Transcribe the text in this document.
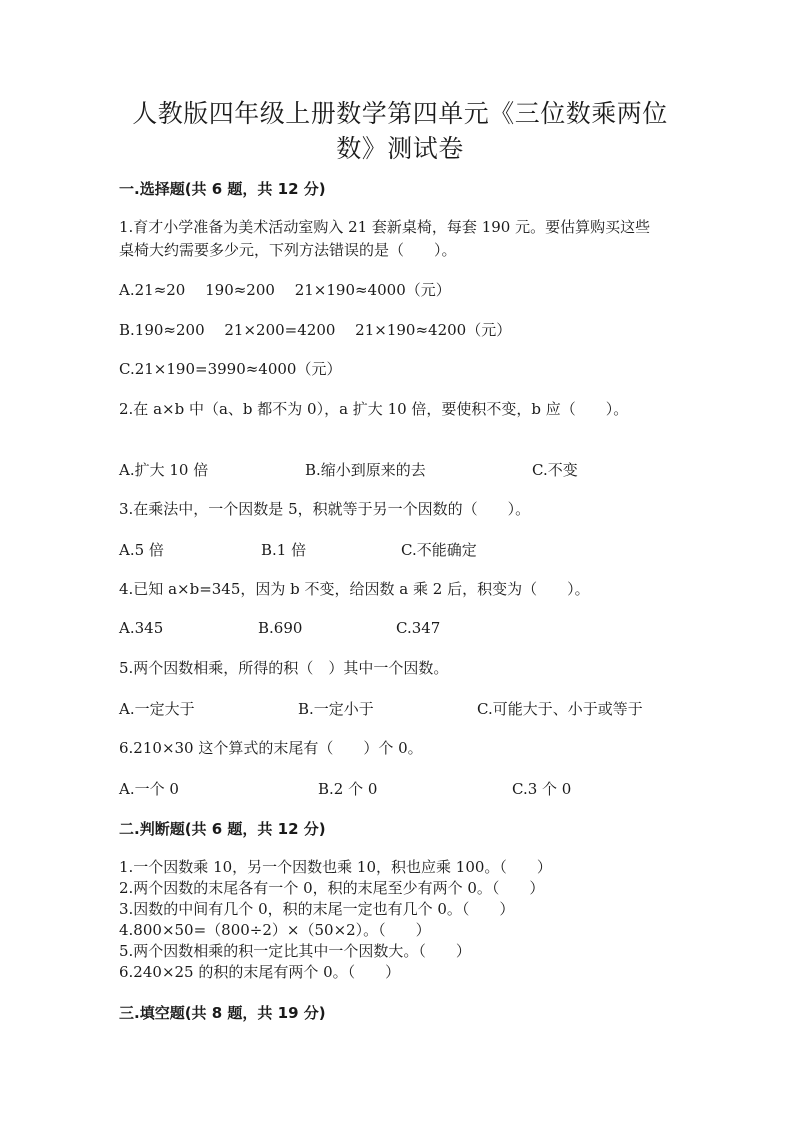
人教版四年级上册数学第四单元《三位数乘两位
数》测试卷
一.选择题(共 6 题，共 12 分)
1.育才小学准备为美术活动室购入 21 套新桌椅，每套 190 元。要估算购买这些
桌椅大约需要多少元，下列方法错误的是（　　）。
A.21≈20　 190≈200　 21×190≈4000（元）
B.190≈200　 21×200=4200　 21×190≈4200（元）
C.21×190=3990≈4000（元）
2.在 a×b 中（a、b 都不为 0），a 扩大 10 倍，要使积不变，b 应（　　）。
A.扩大 10 倍	B.缩小到原来的去	C.不变
3.在乘法中，一个因数是 5，积就等于另一个因数的（　　）。
A.5 倍	B.1 倍	C.不能确定
4.已知 a×b=345，因为 b 不变，给因数 a 乘 2 后，积变为（　　）。
A.345	B.690	C.347
5.两个因数相乘，所得的积（　）其中一个因数。
A.一定大于	B.一定小于	C.可能大于、小于或等于
6.210×30 这个算式的末尾有（　　）个 0。
A.一个 0	B.2 个 0	C.3 个 0
二.判断题(共 6 题，共 12 分)
1.一个因数乘 10，另一个因数也乘 10，积也应乘 100。（　　）
2.两个因数的末尾各有一个 0，积的末尾至少有两个 0。（　　）
3.因数的中间有几个 0，积的末尾一定也有几个 0。（　　）
4.800×50=（800÷2）×（50×2）。（　　）
5.两个因数相乘的积一定比其中一个因数大。（　　）
6.240×25 的积的末尾有两个 0。（　　）
三.填空题(共 8 题，共 19 分)
